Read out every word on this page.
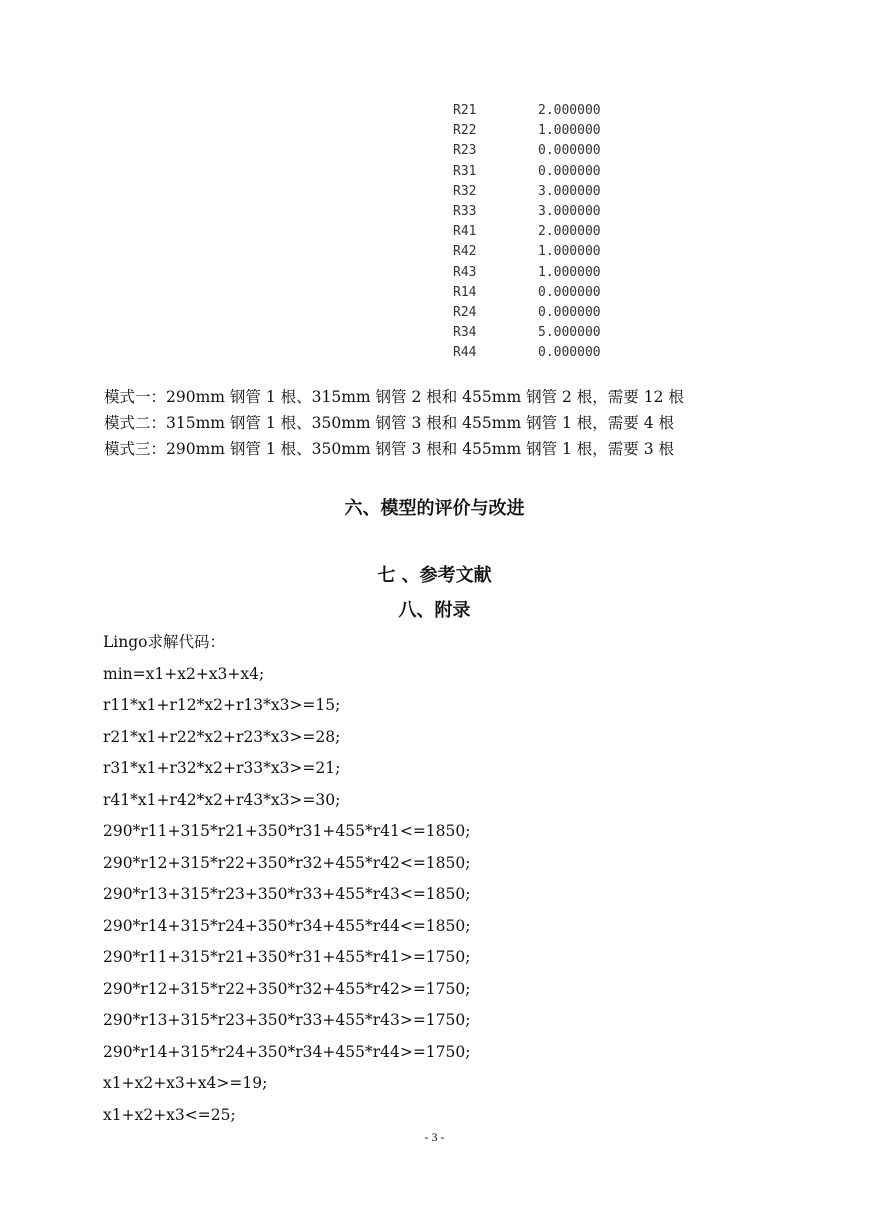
R21	2.000000
R22	1.000000
R23	0.000000
R31	0.000000
R32	3.000000
R33	3.000000
R41	2.000000
R42	1.000000
R43	1.000000
R14	0.000000
R24	0.000000
R34	5.000000
R44	0.000000
模式一：290mm 钢管 1 根、315mm 钢管 2 根和 455mm 钢管 2 根，需要 12 根
模式二：315mm 钢管 1 根、350mm 钢管 3 根和 455mm 钢管 1 根，需要 4 根
模式三：290mm 钢管 1 根、350mm 钢管 3 根和 455mm 钢管 1 根，需要 3 根
六、模型的评价与改进
七 、参考文献
八、附录
Lingo求解代码：
min=x1+x2+x3+x4;
r11*x1+r12*x2+r13*x3>=15;
r21*x1+r22*x2+r23*x3>=28;
r31*x1+r32*x2+r33*x3>=21;
r41*x1+r42*x2+r43*x3>=30;
290*r11+315*r21+350*r31+455*r41<=1850;
290*r12+315*r22+350*r32+455*r42<=1850;
290*r13+315*r23+350*r33+455*r43<=1850;
290*r14+315*r24+350*r34+455*r44<=1850;
290*r11+315*r21+350*r31+455*r41>=1750;
290*r12+315*r22+350*r32+455*r42>=1750;
290*r13+315*r23+350*r33+455*r43>=1750;
290*r14+315*r24+350*r34+455*r44>=1750;
x1+x2+x3+x4>=19;
x1+x2+x3<=25;
- 3 -
